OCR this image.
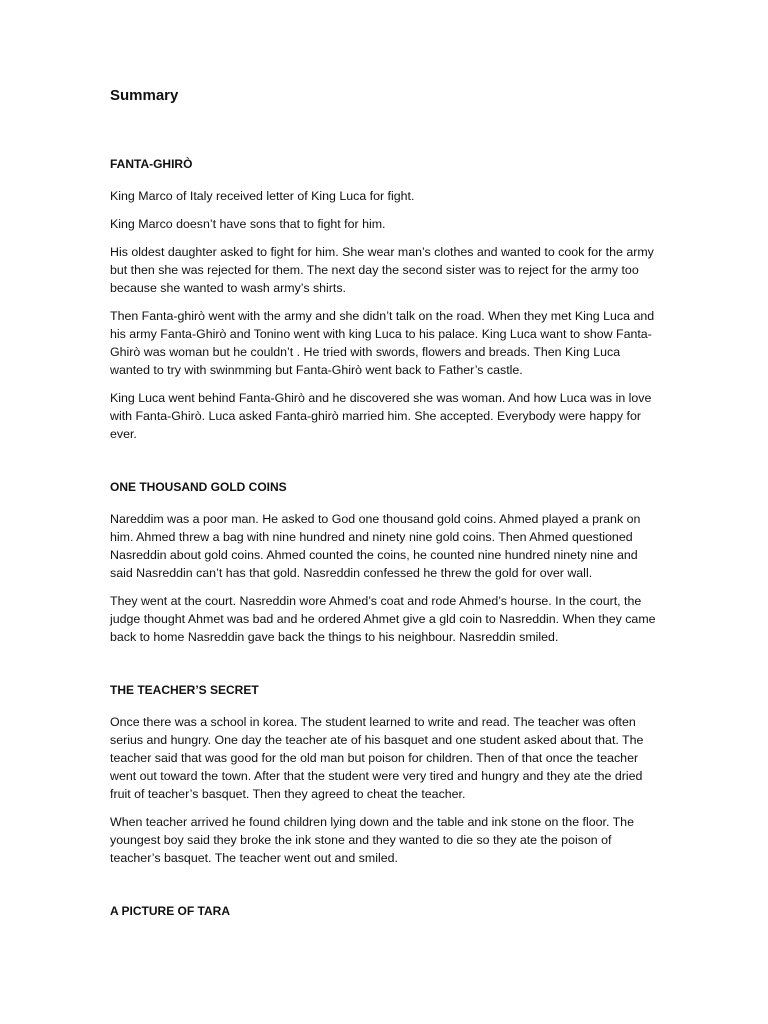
Summary
FANTA-GHIRÒ

King Marco of Italy received letter of King Luca for fight.

King Marco doesn’t have sons that to fight for him.

His oldest daughter asked to fight for him. She wear man’s clothes and wanted to cook for the army but then she was rejected for them. The next day the second sister was to reject for the army too because she wanted to wash army’s shirts.

Then Fanta-ghirò went with the army and she didn’t talk on the road. When they met King Luca and his army Fanta-Ghirò and Tonino went with king Luca to his palace. King Luca want to show Fanta-Ghirò was woman but he couldn’t . He tried with swords, flowers and breads. Then King Luca wanted to try with swinmming but Fanta-Ghirò went back to Father’s castle.

King Luca went behind Fanta-Ghirò and he discovered she was woman. And how Luca was in love with Fanta-Ghirò. Luca asked Fanta-ghirò married him. She accepted. Everybody were happy for ever.

ONE THOUSAND GOLD COINS

Nareddim was a poor man. He asked to God one thousand gold coins. Ahmed played a prank on him. Ahmed threw a bag with nine hundred and ninety nine gold coins. Then Ahmed questioned Nasreddin about gold coins. Ahmed counted the coins, he counted nine hundred ninety nine and said Nasreddin can’t has that gold. Nasreddin confessed he threw the gold for over wall.

They went at the court. Nasreddin wore Ahmed’s coat and rode Ahmed’s hourse. In the court, the judge thought Ahmet was bad and he ordered Ahmet give a gld coin to Nasreddin. When they came back to home Nasreddin gave back the things to his neighbour. Nasreddin smiled.

THE TEACHER’S SECRET

Once there was a school in korea. The student learned to write and read. The teacher was often serius and hungry. One day the teacher ate of his basquet and one student asked about that. The teacher said that was good for the old man but poison for children. Then of that once the teacher went out toward the town. After that the student were very tired and hungry and they ate the dried fruit of teacher’s basquet. Then they agreed to cheat the teacher.

When teacher arrived he found children lying down and the table and ink stone on the floor. The youngest boy said they broke the ink stone and they wanted to die so they ate the poison of teacher’s basquet. The teacher went out and smiled.

A PICTURE OF TARA
